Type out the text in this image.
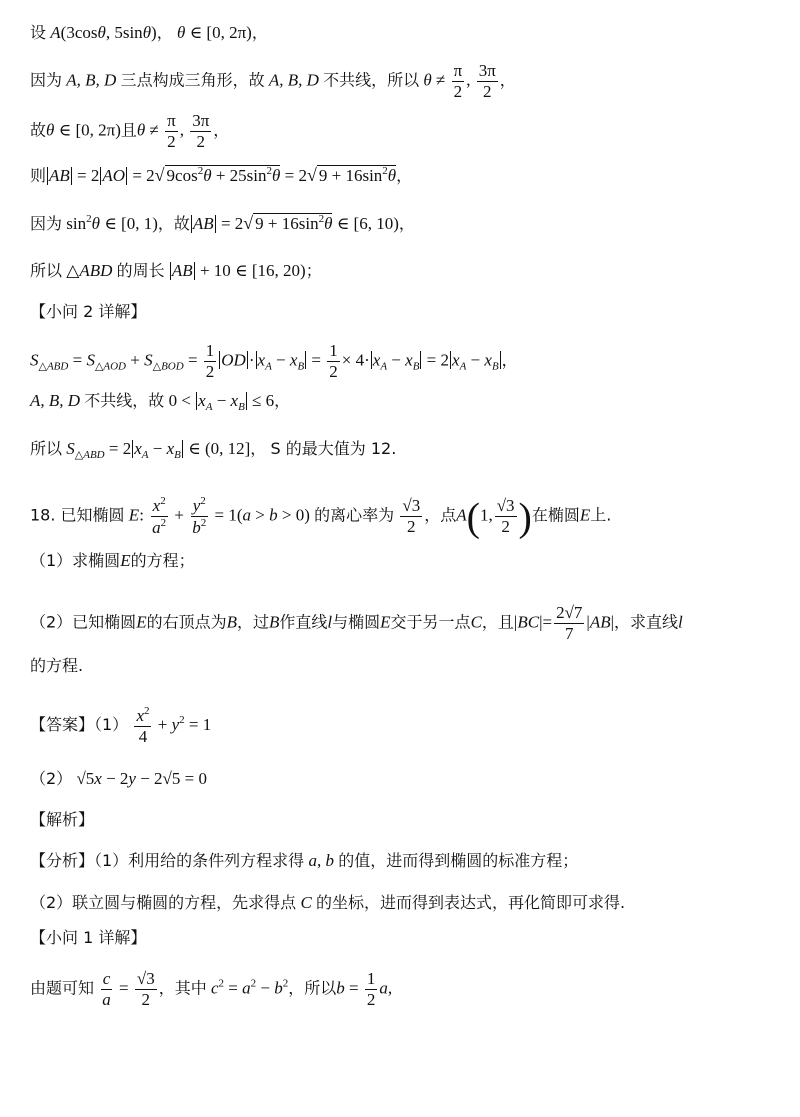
设 A(3cosθ, 5sinθ)， θ ∈ [0, 2π)，
因为 A, B, D 三点构成三角形，故 A, B, D 不共线，所以 $\theta \ne \frac{\pi}{2}$ , $\frac{3\pi}{2}$ ，
故θ ∈ [0, 2π)且$\theta \ne \frac{\pi}{2}$ , $\frac{3\pi}{2}$ ，
则 AB = 2 AO = 2√ $9\cos^2\theta + 25\sin^2\theta = 2√$ $9 + 16\sin^2\theta$，
因为 $\sin^2\theta$ ∈ [0, 1)，故 AB = 2√ $9 + 16\sin^2\theta$ ∈ [6, 10)，
所以 △ABD 的周长 AB + 10 ∈ [16, 20)；
【小问 2 详解】
$S_{\triangle ABD} = S_{\triangle AOD} + S_{\triangle BOD} = \frac{1}{2}$ OD · $x_A - x_B = \frac{1}{2} \times 4\cdot x_A - x_B = 2$ $x_A - x_B$ ，
A, B, D 不共线，故 $0 < x_A - x_B \le 6$，
所以 $S_{\triangle ABD} = 2$ $x_A - x_B$ ∈ (0, 12]， S 的最大值为 12.
18. 已知椭圆 E: $\frac{x^2}{a^2} + \frac{y^2}{b^2} = 1(a > b > 0)$ 的离心率为 $\frac{√3}{2}$ ，点A(1, $\frac{√3}{2}$ )在椭圆E上.
（1）求椭圆E的方程；
（2）已知椭圆E的右顶点为B，过B作直线l与椭圆E交于另一点C，且$|BC|= \frac{2√7}{7} |AB|$，求直线l
的方程.
【答案】$(1) \frac{x^2}{4} + y^2 = 1$
（2） √5x − 2y − 2√5 = 0
【解析】
【分析】（1）利用给的条件列方程求得 a, b 的值，进而得到椭圆的标准方程；
（2）联立圆与椭圆的方程，先求得点 C 的坐标，进而得到表达式，再化简即可求得.
【小问 1 详解】
由题可知 $\frac{c}{a} = \frac{√3}{2}$ ，其中 $c^2 = a^2 - b^2$，所以$b = \frac{1}{2} a$,
